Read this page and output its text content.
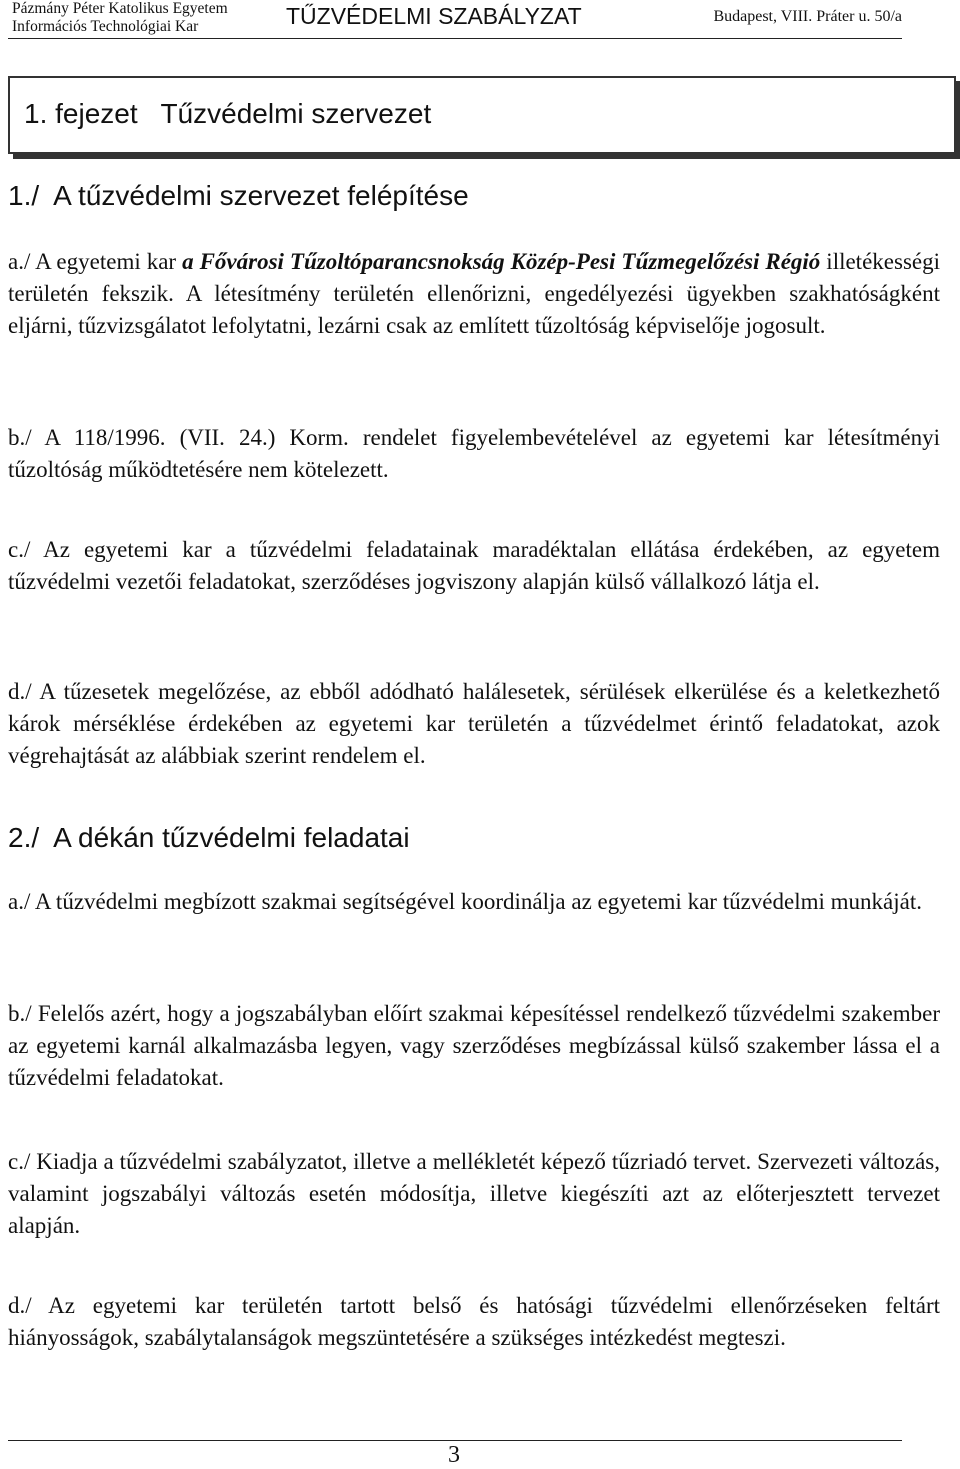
Pázmány Péter Katolikus Egyetem
Információs Technológiai Kar	TŰZVÉDELMI SZABÁLYZAT	Budapest, VIII. Práter u. 50/a
1. fejezet   Tűzvédelmi szervezet
1./  A tűzvédelmi szervezet felépítése

a./ A egyetemi kar a Fővárosi Tűzoltóparancsnokság Közép-Pesi Tűzmegelőzési Régió illetékességi területén fekszik. A létesítmény területén ellenőrizni, engedélyezési ügyekben szakhatóságként eljárni, tűzvizsgálatot lefolytatni, lezárni csak az említett tűzoltóság képviselője jogosult.

b./ A 118/1996. (VII. 24.) Korm. rendelet figyelembevételével az egyetemi kar létesítményi tűzoltóság működtetésére nem kötelezett.

c./ Az egyetemi kar a tűzvédelmi feladatainak maradéktalan ellátása érdekében, az egyetem tűzvédelmi vezetői feladatokat, szerződéses jogviszony alapján külső vállalkozó látja el.

d./ A tűzesetek megelőzése, az ebből adódható halálesetek, sérülések elkerülése és a keletkezhető károk mérséklése érdekében az egyetemi kar területén a tűzvédelmet érintő feladatokat, azok végrehajtását az alábbiak szerint rendelem el.

2./  A dékán tűzvédelmi feladatai

a./ A tűzvédelmi megbízott szakmai segítségével koordinálja az egyetemi kar tűzvédelmi munkáját.

b./ Felelős azért, hogy a jogszabályban előírt szakmai képesítéssel rendelkező tűzvédelmi szakember az egyetemi karnál alkalmazásba legyen, vagy szerződéses megbízással külső szakember lássa el a tűzvédelmi feladatokat.

c./ Kiadja a tűzvédelmi szabályzatot, illetve a mellékletét képező tűzriadó tervet. Szervezeti változás, valamint jogszabályi változás esetén módosítja, illetve kiegészíti azt az előterjesztett tervezet alapján.

d./ Az egyetemi kar területén tartott belső és hatósági tűzvédelmi ellenőrzéseken feltárt hiányosságok, szabálytalanságok megszüntetésére a szükséges intézkedést megteszi.

3
